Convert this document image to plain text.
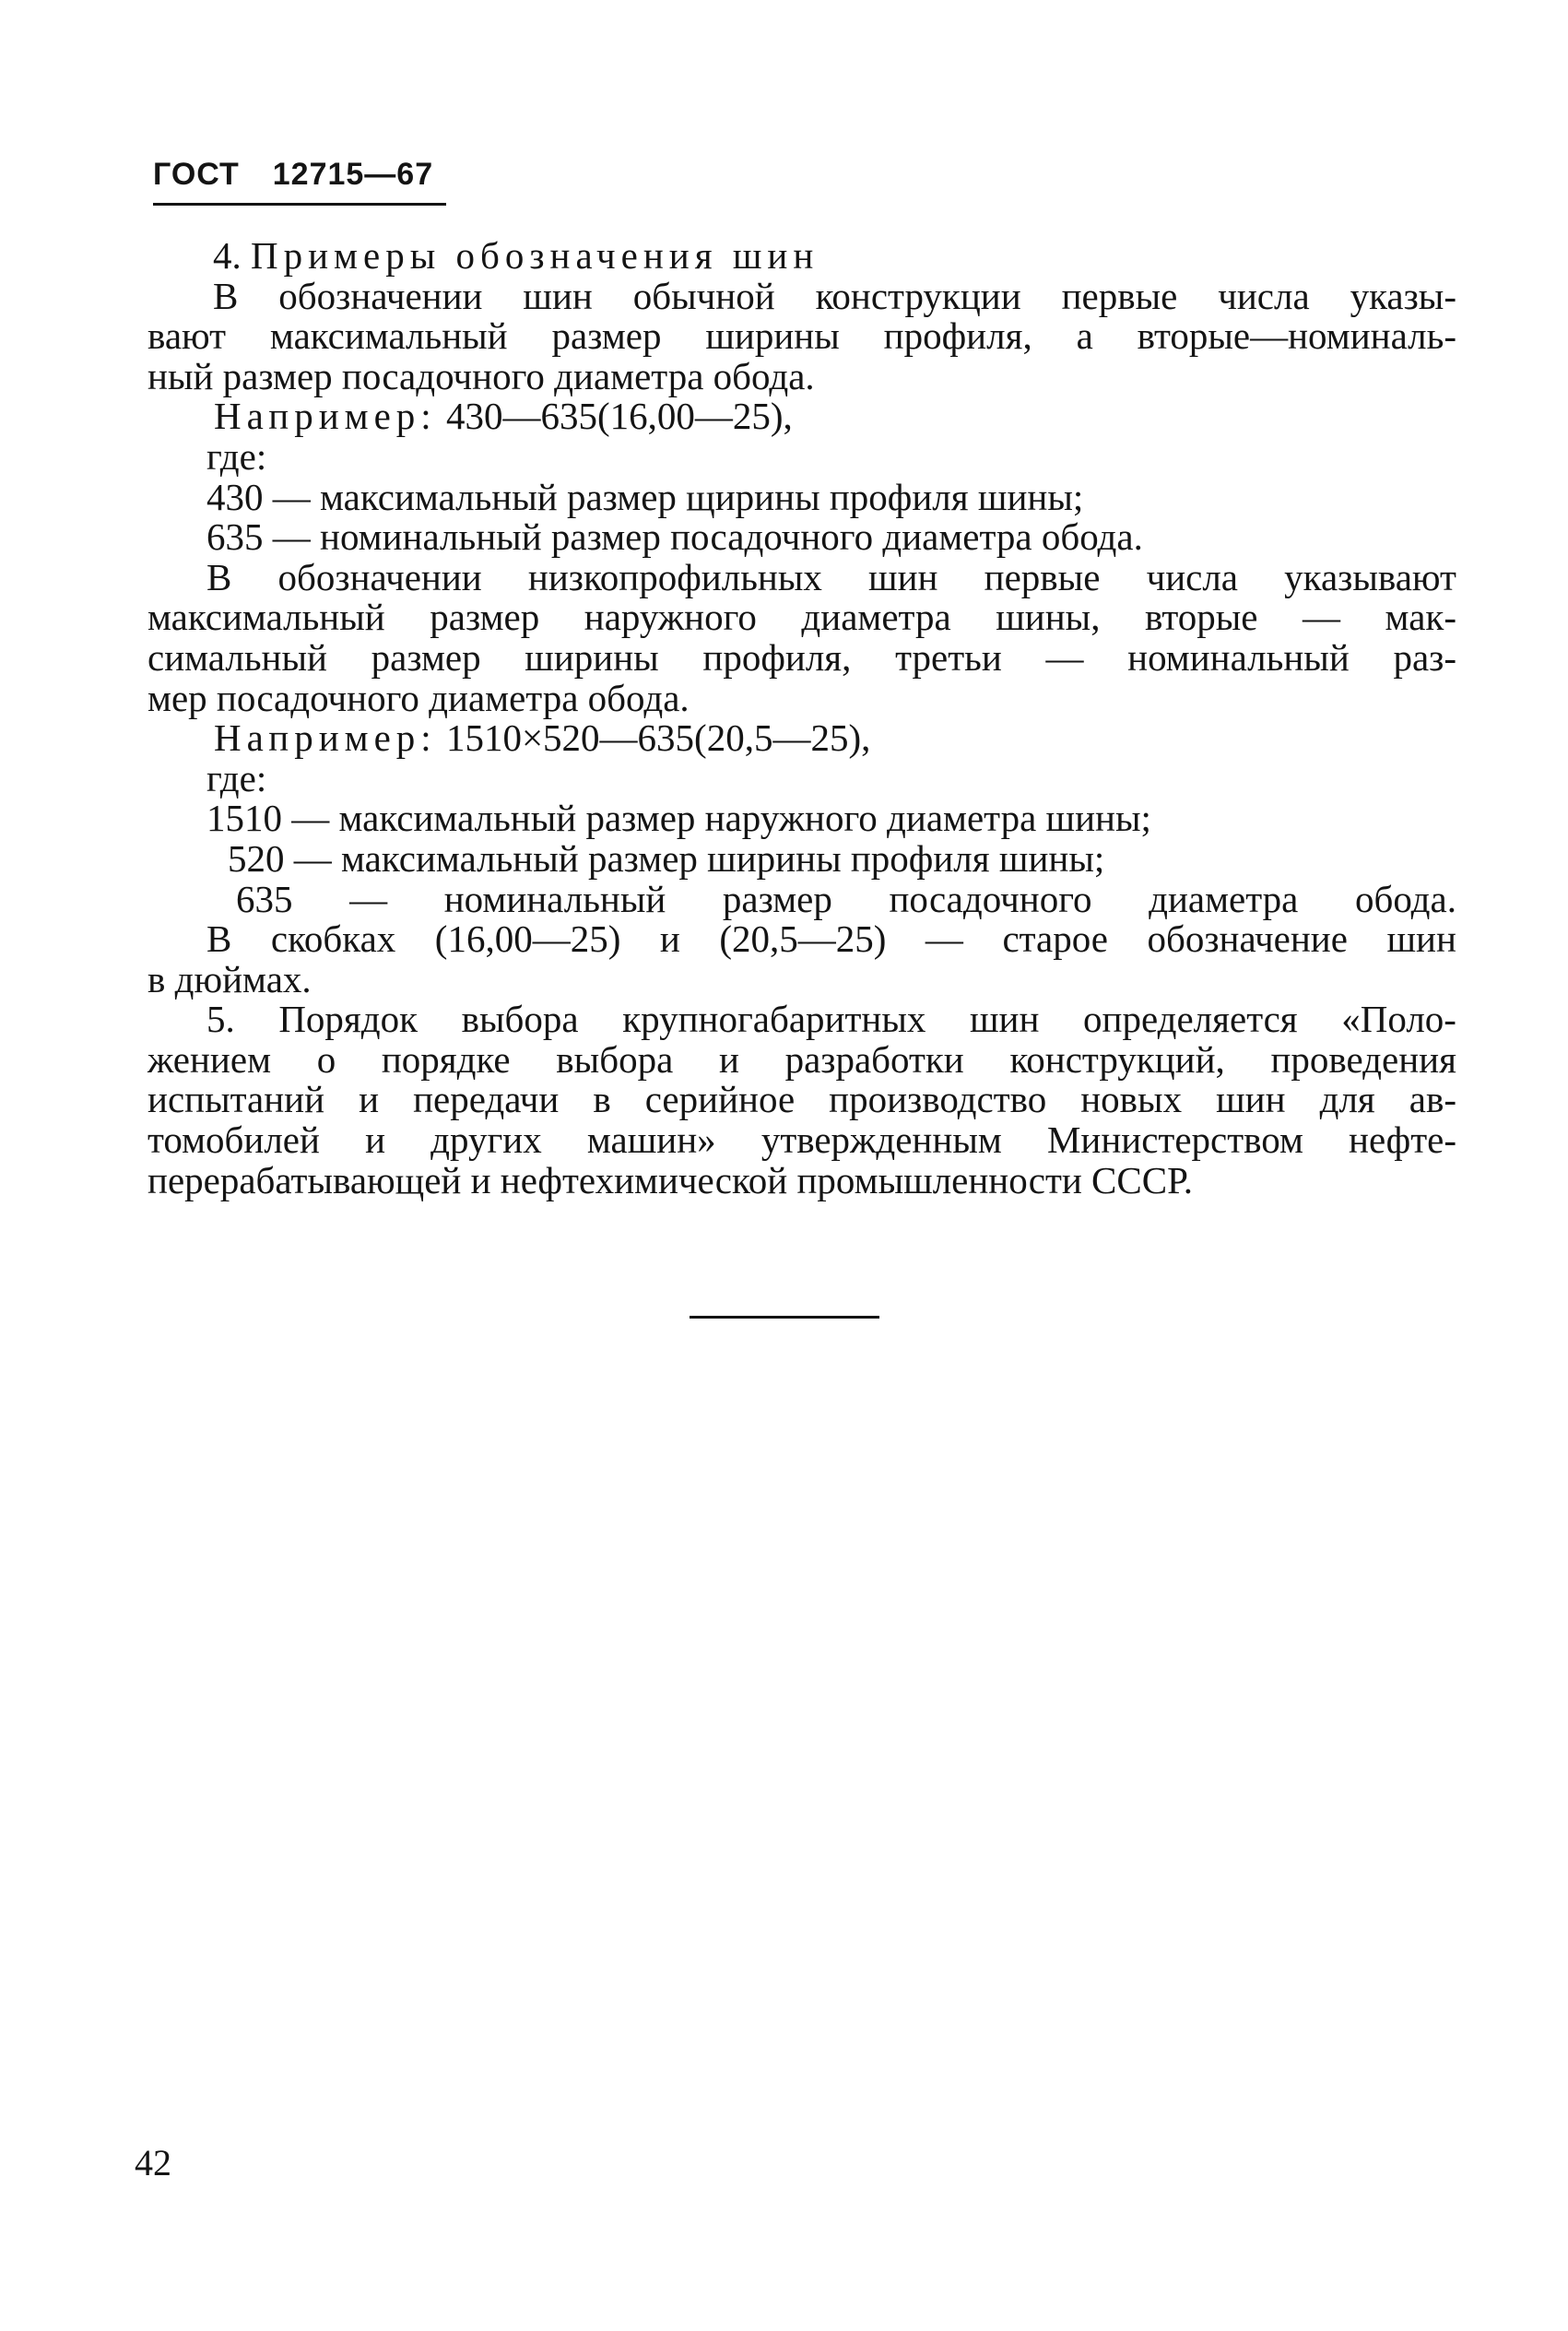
ГОСТ 12715—67
4. Примеры обозначения шин
В обозначении шин обычной конструкции первые числа указы-
вают максимальный размер ширины профиля, а вторые—номиналь-
ный размер посадочного диаметра обода.
Например: 430—635(16,00—25),
где:
430 — максимальный размер щирины профиля шины;
635 — номинальный размер посадочного диаметра обода.
В обозначении низкопрофильных шин первые числа указывают
максимальный размер наружного диаметра шины, вторые — мак-
симальный размер ширины профиля, третьи — номинальный раз-
мер посадочного диаметра обода.
Например: 1510×520—635(20,5—25),
где:
1510 — максимальный размер наружного диаметра шины;
520 — максимальный размер ширины профиля шины;
635 — номинальный размер посадочного диаметра обода.
В скобках (16,00—25) и (20,5—25) — старое обозначение шин
в дюймах.
5. Порядок выбора крупногабаритных шин определяется «Поло-
жением о порядке выбора и разработки конструкций, проведения
испытаний и передачи в серийное производство новых шин для ав-
томобилей и других машин» утвержденным Министерством нефте-
перерабатывающей и нефтехимической промышленности СССР.
42
